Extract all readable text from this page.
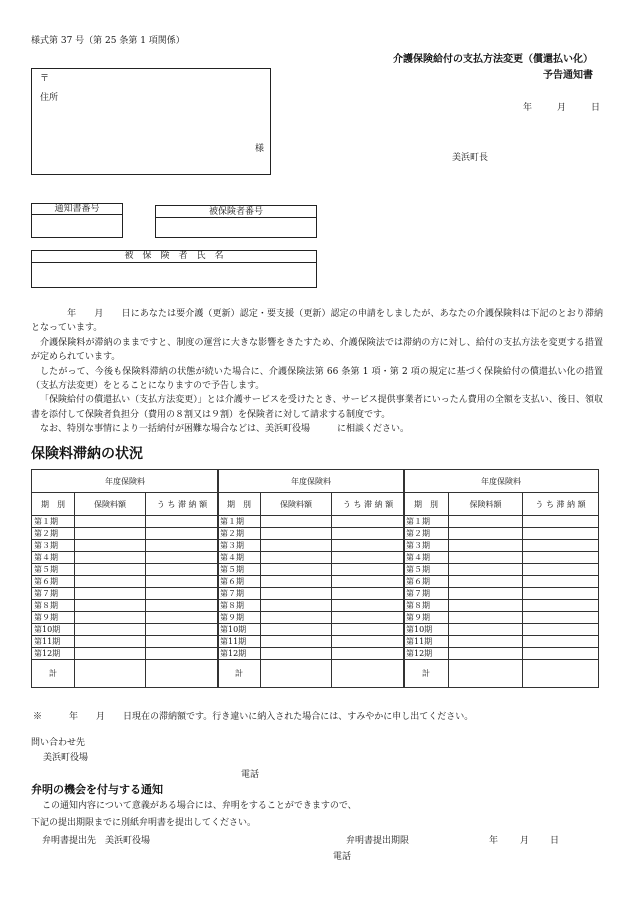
様式第 37 号（第 25 条第 1 項関係）
介護保険給付の支払方法変更（償還払い化）
予告通知書
年	月	日
〒
住所
様
美浜町長
通知書番号	被保険者番号
被　保　険　者　氏　名

　　年　　月　　日にあなたは要介護（更新）認定・要支援（更新）認定の申請をしましたが、あなたの介護保険料は下記のとおり滞納となっています。

介護保険料が滞納のままですと、制度の運営に大きな影響をきたすため、介護保険法では滞納の方に対し、給付の支払方法を変更する措置が定められています。

したがって、今後も保険料滞納の状態が続いた場合に、介護保険法第 66 条第 1 項・第 2 項の規定に基づく保険給付の償還払い化の措置（支払方法変更）をとることになりますので予告します。

「保険給付の償還払い（支払方法変更）」とは介護サービスを受けたとき、サービス提供事業者にいったん費用の全額を支払い、後日、領収書を添付して保険者負担分（費用の８割又は９割）を保険者に対して請求する制度です。

なお、特別な事情により一括納付が困難な場合などは、美浜町役場　　　に相談ください。

保険料滞納の状況
年度保険料		
期　別	保険料額	う ち 滞 納 額
第１期		
第２期		
第３期		
第４期		
第５期		
第６期		
第７期		
第８期		
第９期		
第10期		
第11期		
第12期		
計		
年度保険料		
期　別	保険料額	う ち 滞 納 額
第１期		
第２期		
第３期		
第４期		
第５期		
第６期		
第７期		
第８期		
第９期		
第10期		
第11期		
第12期		
計		
年度保険料		
期　別	保険料額	う ち 滞 納 額
第１期		
第２期		
第３期		
第４期		
第５期		
第６期		
第７期		
第８期		
第９期		
第10期		
第11期		
第12期		
計		
※　　　年　　月　　日現在の滞納額です。行き違いに納入された場合には、すみやかに申し出てください。
問い合わせ先
美浜町役場
電話
弁明の機会を付与する通知
この通知内容について意義がある場合には、弁明をすることができますので、
下記の提出期限までに別紙弁明書を提出してください。
弁明書提出先　美浜町役場	弁明書提出期限	年 月 日
電話
